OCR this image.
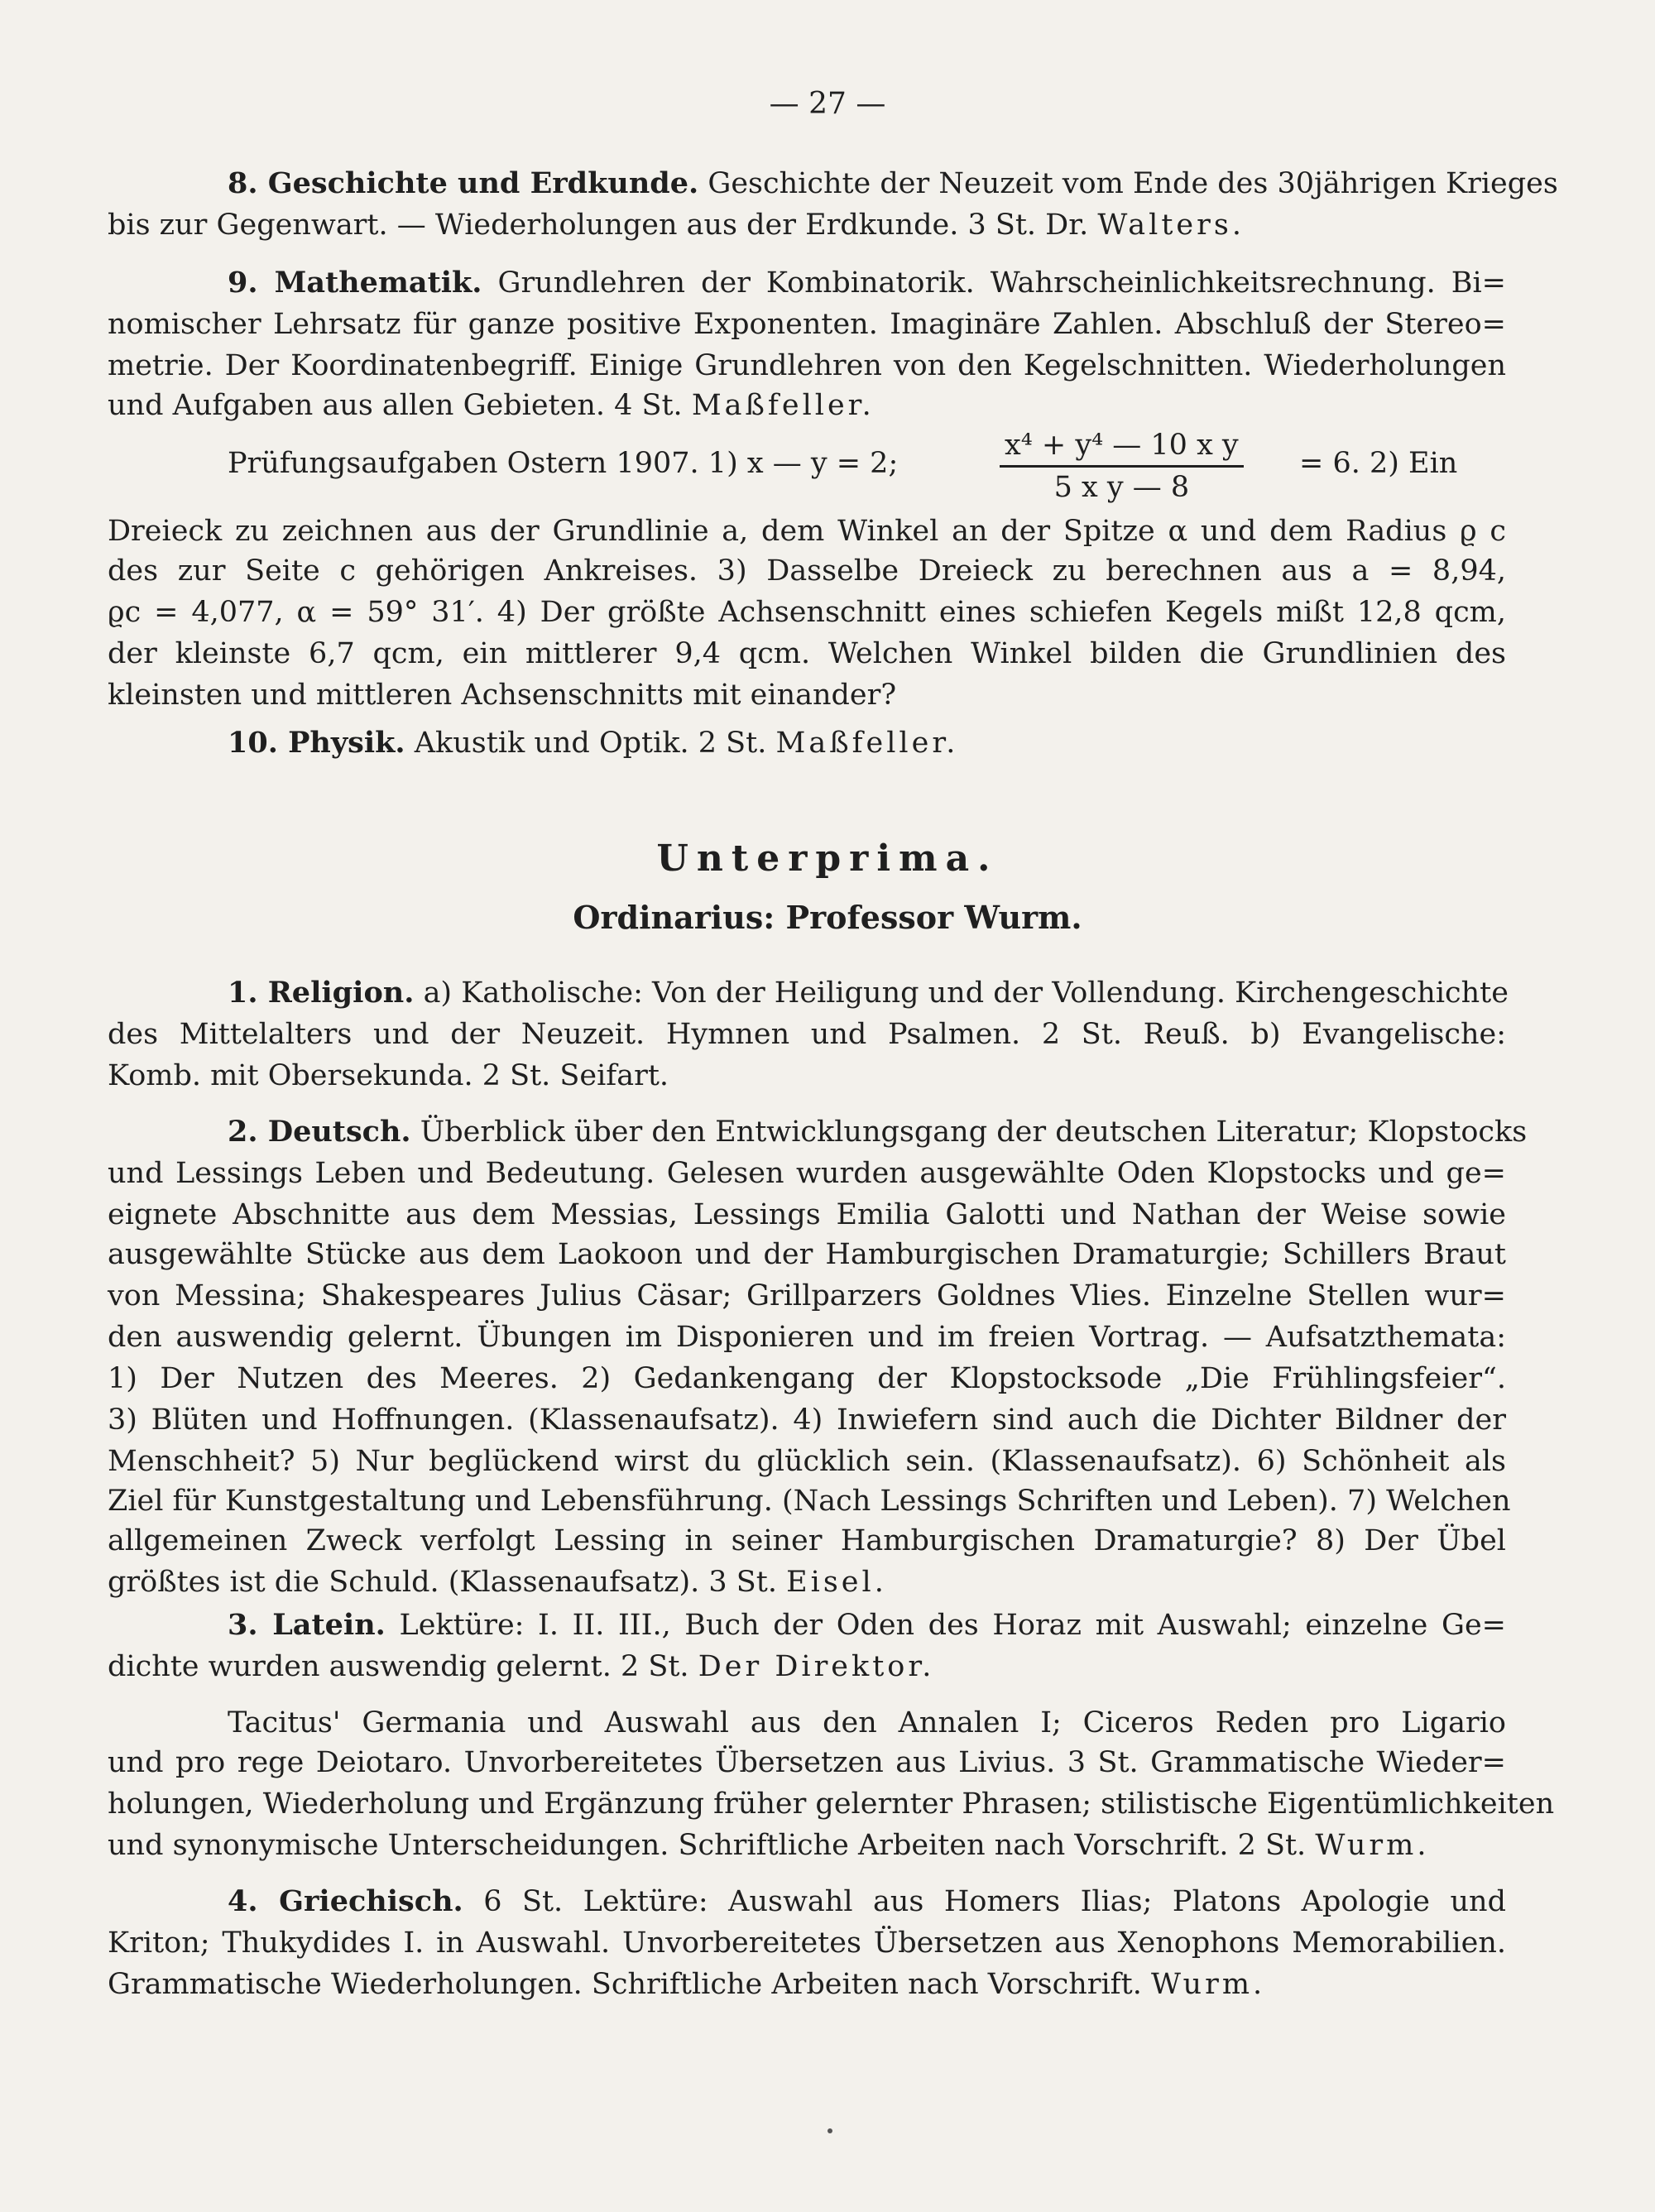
— 27 —
8. Geschichte und Erdkunde. Geschichte der Neuzeit vom Ende des 30jährigen Krieges
bis zur Gegenwart. — Wiederholungen aus der Erdkunde. 3 St. Dr. Walters.
9. Mathematik. Grundlehren der Kombinatorik. Wahrscheinlichkeitsrechnung. Bi=
nomischer Lehrsatz für ganze positive Exponenten. Imaginäre Zahlen. Abschluß der Stereo=
metrie. Der Koordinatenbegriff. Einige Grundlehren von den Kegelschnitten. Wiederholungen
und Aufgaben aus allen Gebieten. 4 St. Maßfeller.
Prüfungsaufgaben Ostern 1907. 1) x — y = 2;
x⁴ + y⁴ — 10 x y
5 x y — 8
= 6. 2) Ein
Dreieck zu zeichnen aus der Grundlinie a, dem Winkel an der Spitze α und dem Radius ϱ c
des zur Seite c gehörigen Ankreises. 3) Dasselbe Dreieck zu berechnen aus a = 8,94,
ϱc = 4,077, α = 59° 31′. 4) Der größte Achsenschnitt eines schiefen Kegels mißt 12,8 qcm,
der kleinste 6,7 qcm, ein mittlerer 9,4 qcm. Welchen Winkel bilden die Grundlinien des
kleinsten und mittleren Achsenschnitts mit einander?
10. Physik. Akustik und Optik. 2 St. Maßfeller.
Unterprima.
Ordinarius: Professor Wurm.
1. Religion. a) Katholische: Von der Heiligung und der Vollendung. Kirchengeschichte
des Mittelalters und der Neuzeit. Hymnen und Psalmen. 2 St. Reuß. b) Evangelische:
Komb. mit Obersekunda. 2 St. Seifart.
2. Deutsch. Überblick über den Entwicklungsgang der deutschen Literatur; Klopstocks
und Lessings Leben und Bedeutung. Gelesen wurden ausgewählte Oden Klopstocks und ge=
eignete Abschnitte aus dem Messias, Lessings Emilia Galotti und Nathan der Weise sowie
ausgewählte Stücke aus dem Laokoon und der Hamburgischen Dramaturgie; Schillers Braut
von Messina; Shakespeares Julius Cäsar; Grillparzers Goldnes Vlies. Einzelne Stellen wur=
den auswendig gelernt. Übungen im Disponieren und im freien Vortrag. — Aufsatzthemata:
1) Der Nutzen des Meeres. 2) Gedankengang der Klopstocksode „Die Frühlingsfeier“.
3) Blüten und Hoffnungen. (Klassenaufsatz). 4) Inwiefern sind auch die Dichter Bildner der
Menschheit? 5) Nur beglückend wirst du glücklich sein. (Klassenaufsatz). 6) Schönheit als
Ziel für Kunstgestaltung und Lebensführung. (Nach Lessings Schriften und Leben). 7) Welchen
allgemeinen Zweck verfolgt Lessing in seiner Hamburgischen Dramaturgie? 8) Der Übel
größtes ist die Schuld. (Klassenaufsatz). 3 St. Eisel.
3. Latein. Lektüre: I. II. III., Buch der Oden des Horaz mit Auswahl; einzelne Ge=
dichte wurden auswendig gelernt. 2 St. Der Direktor.
Tacitus' Germania und Auswahl aus den Annalen I; Ciceros Reden pro Ligario
und pro rege Deiotaro. Unvorbereitetes Übersetzen aus Livius. 3 St. Grammatische Wieder=
holungen, Wiederholung und Ergänzung früher gelernter Phrasen; stilistische Eigentümlichkeiten
und synonymische Unterscheidungen. Schriftliche Arbeiten nach Vorschrift. 2 St. Wurm.
4. Griechisch. 6 St. Lektüre: Auswahl aus Homers Ilias; Platons Apologie und
Kriton; Thukydides I. in Auswahl. Unvorbereitetes Übersetzen aus Xenophons Memorabilien.
Grammatische Wiederholungen. Schriftliche Arbeiten nach Vorschrift. Wurm.
